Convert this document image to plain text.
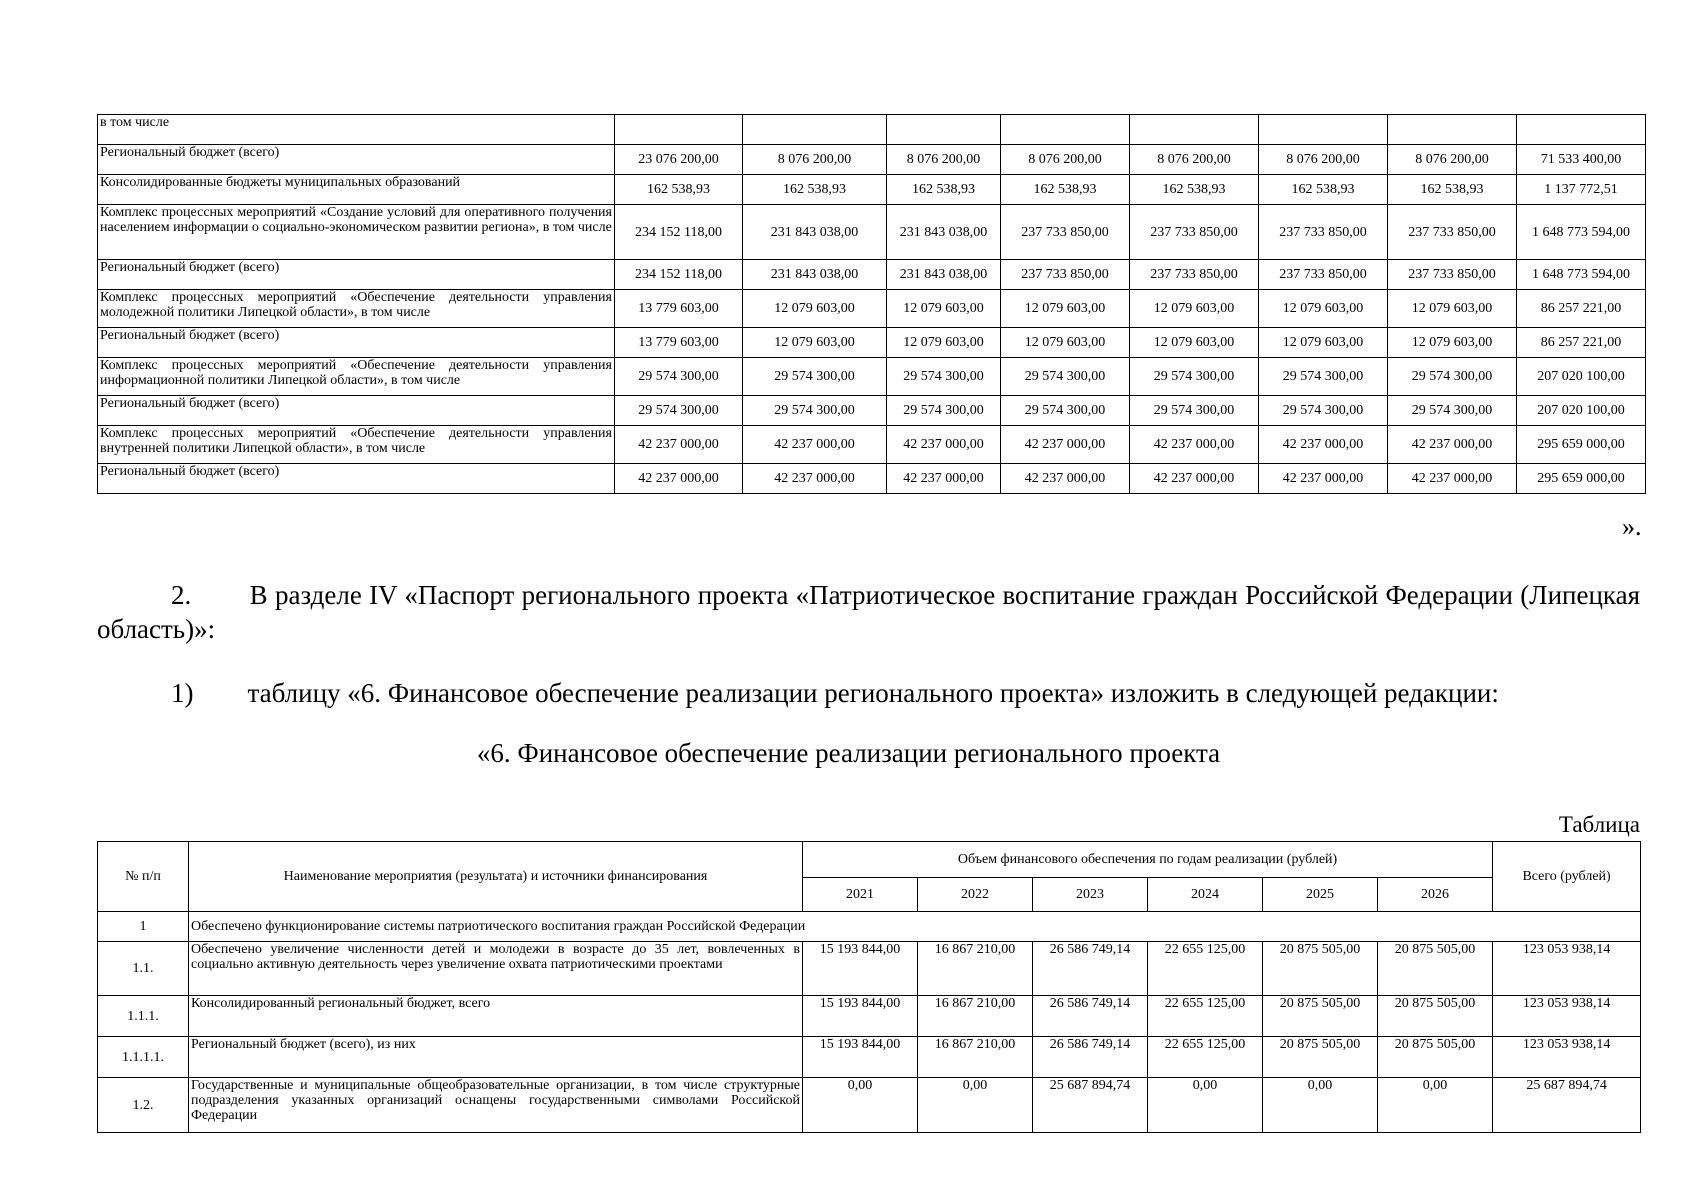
в том числе								
Региональный бюджет (всего)	23 076 200,00	8 076 200,00	8 076 200,00	8 076 200,00	8 076 200,00	8 076 200,00	8 076 200,00	71 533 400,00
Консолидированные бюджеты муниципальных образований	162 538,93	162 538,93	162 538,93	162 538,93	162 538,93	162 538,93	162 538,93	1 137 772,51
Комплекс процессных мероприятий «Создание условий для оперативного получения населением информации о социально-экономическом развитии региона», в том числе	234 152 118,00	231 843 038,00	231 843 038,00	237 733 850,00	237 733 850,00	237 733 850,00	237 733 850,00	1 648 773 594,00
Региональный бюджет (всего)	234 152 118,00	231 843 038,00	231 843 038,00	237 733 850,00	237 733 850,00	237 733 850,00	237 733 850,00	1 648 773 594,00
Комплекс процессных мероприятий «Обеспечение деятельности управления молодежной политики Липецкой области», в том числе	13 779 603,00	12 079 603,00	12 079 603,00	12 079 603,00	12 079 603,00	12 079 603,00	12 079 603,00	86 257 221,00
Региональный бюджет (всего)	13 779 603,00	12 079 603,00	12 079 603,00	12 079 603,00	12 079 603,00	12 079 603,00	12 079 603,00	86 257 221,00
Комплекс процессных мероприятий «Обеспечение деятельности управления информационной политики Липецкой области», в том числе	29 574 300,00	29 574 300,00	29 574 300,00	29 574 300,00	29 574 300,00	29 574 300,00	29 574 300,00	207 020 100,00
Региональный бюджет (всего)	29 574 300,00	29 574 300,00	29 574 300,00	29 574 300,00	29 574 300,00	29 574 300,00	29 574 300,00	207 020 100,00
Комплекс процессных мероприятий «Обеспечение деятельности управления внутренней политики Липецкой области», в том числе	42 237 000,00	42 237 000,00	42 237 000,00	42 237 000,00	42 237 000,00	42 237 000,00	42 237 000,00	295 659 000,00
Региональный бюджет (всего)	42 237 000,00	42 237 000,00	42 237 000,00	42 237 000,00	42 237 000,00	42 237 000,00	42 237 000,00	295 659 000,00
».
2. В разделе IV «Паспорт регионального проекта «Патриотическое воспитание граждан Российской Федерации (Липецкая область)»:
1) таблицу «6. Финансовое обеспечение реализации регионального проекта» изложить в следующей редакции:
«6. Финансовое обеспечение реализации регионального проекта
Таблица
№ п/п	Наименование мероприятия (результата) и источники финансирования	Объем финансового обеспечения по годам реализации (рублей)						Всего (рублей)
		2021	2022	2023	2024	2025	2026	
1	Обеспечено функционирование системы патриотического воспитания граждан Российской Федерации							
1.1.	Обеспечено увеличение численности детей и молодежи в возрасте до 35 лет, вовлеченных в социально активную деятельность через увеличение охвата патриотическими проектами	15 193 844,00	16 867 210,00	26 586 749,14	22 655 125,00	20 875 505,00	20 875 505,00	123 053 938,14
1.1.1.	Консолидированный региональный бюджет, всего	15 193 844,00	16 867 210,00	26 586 749,14	22 655 125,00	20 875 505,00	20 875 505,00	123 053 938,14
1.1.1.1.	Региональный бюджет (всего), из них	15 193 844,00	16 867 210,00	26 586 749,14	22 655 125,00	20 875 505,00	20 875 505,00	123 053 938,14
1.2.	Государственные и муниципальные общеобразовательные организации, в том числе структурные подразделения указанных организаций оснащены государственными символами Российской Федерации	0,00	0,00	25 687 894,74	0,00	0,00	0,00	25 687 894,74
